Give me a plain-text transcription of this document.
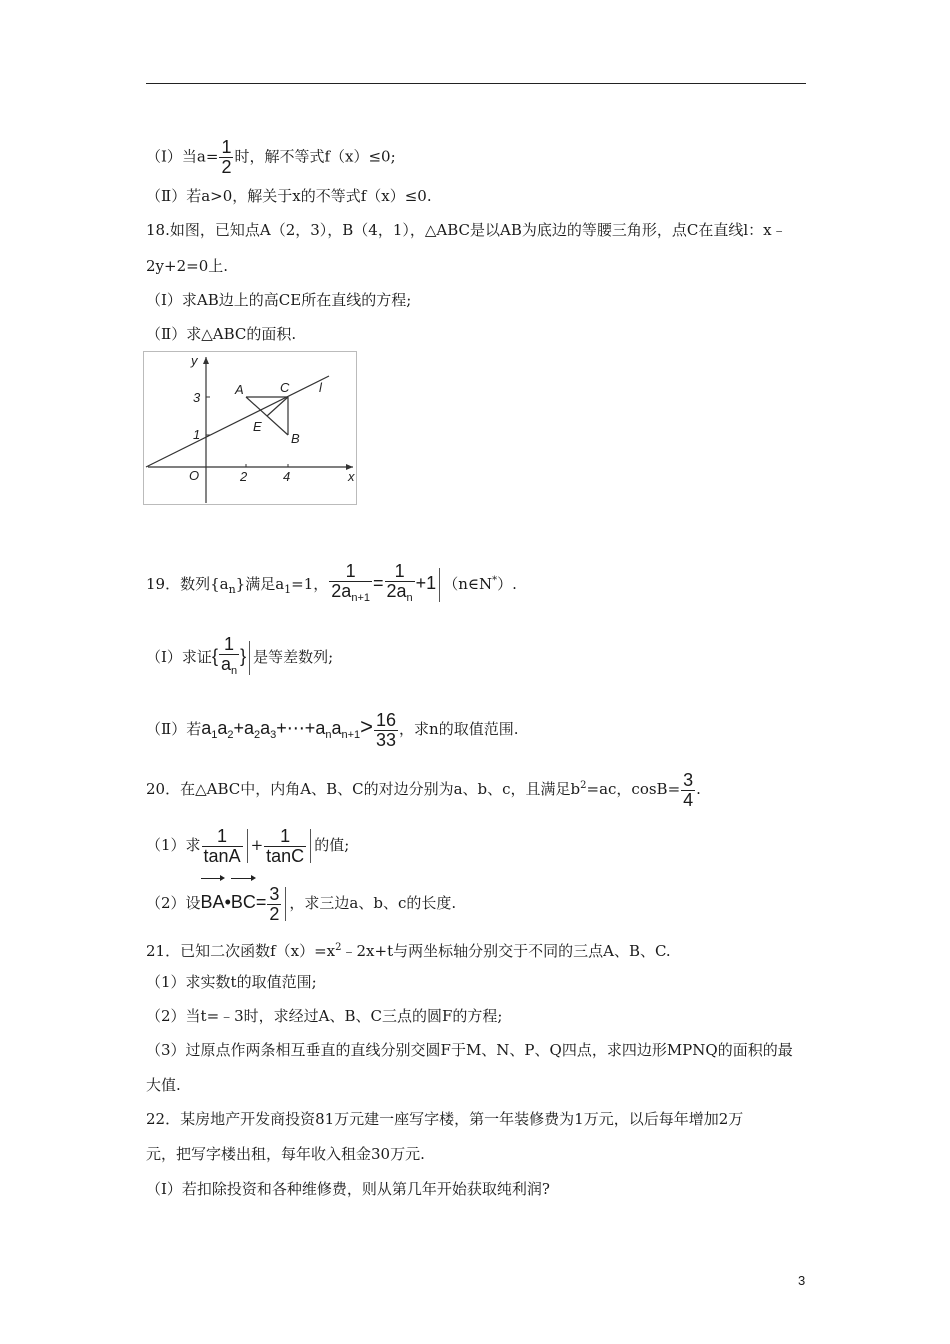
（Ⅰ）当$a= \frac{1}{2}$ 时，解不等式f（x）≤0;
（Ⅱ）若a>0，解关于x的不等式f（x）≤0.
18.如图，已知点A（2，3），B（4，1），△ABC是以AB为底边的等腰三角形，点C在直线l：x﹣
2y+2=0上.
（Ⅰ）求AB边上的高CE所在直线的方程;
（Ⅱ）求△ABC的面积.
y
x
O	2	4
1
3
A
B
C
E
l
19．数列$\{a_n\}$满足$a_1=1$， $\frac{1}{2a_{n+1}} = \frac{1}{2a_n} +1$ （n∈N*）.
（Ⅰ）求证{ $\frac{1}{a_n}$ } 是等差数列;
（Ⅱ）若$a_1a_2+a_2a_3+\cdots+a_na_{n+1}> \frac{16}{33}$ ，求n的取值范围.
20．在△ABC中，内角A、B、C的对边分别为a、b、c，且满足$b^2=ac$，$\cos B= \frac{3}{4}$ .
（1）求 $\frac{1}{\tan A} + \frac{1}{\tan C}$ 的值;
（2）设BA•BC= $\frac{3}{2}$ ，求三边a、b、c的长度.
21．已知二次函数$f(x)=x^2﹣2x+t$与两坐标轴分别交于不同的三点A、B、C.
（1）求实数t的取值范围;
（2）当t=﹣3时，求经过A、B、C三点的圆F的方程;
（3）过原点作两条相互垂直的直线分别交圆F于M、N、P、Q四点，求四边形MPNQ的面积的最
大值.
22．某房地产开发商投资81万元建一座写字楼，第一年装修费为1万元，以后每年增加2万
元，把写字楼出租，每年收入租金30万元.
（Ⅰ）若扣除投资和各种维修费，则从第几年开始获取纯利润?
3
